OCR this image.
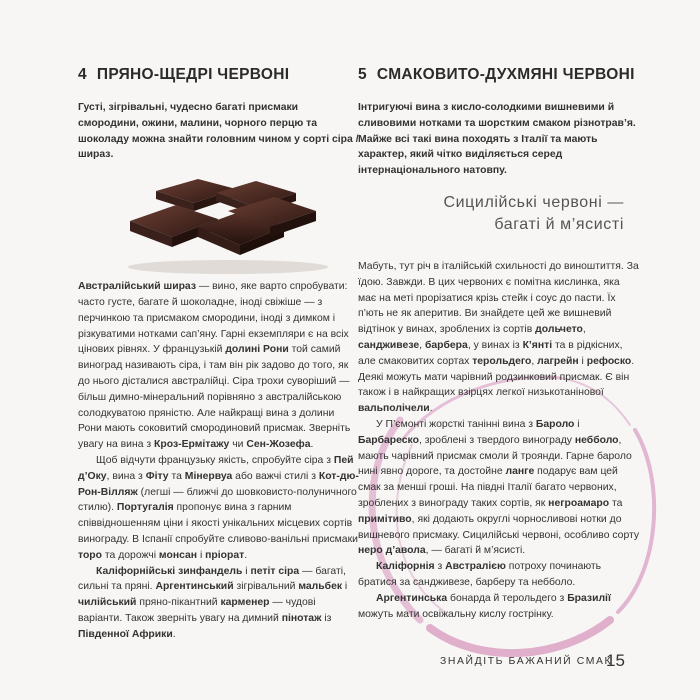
4 ПРЯНО-ЩЕДРІ ЧЕРВОНІ
Густі, зігрівальні, чудесно багаті присмаки смородини, ожини, малини, чорного перцю та шоколаду можна знайти головним чином у сорті сіра / шираз.

Австралійський шираз — вино, яке варто спробувати: часто густе, багате й шоколадне, іноді свіжіше — з перчинкою та присмаком смородини, іноді з димком і різкуватими нотками сап’яну. Гарні екземпляри є на всіх цінових рівнях. У французькій долині Рони той самий виноград називають сіра, і там він рік задово до того, як до нього дісталися австралійці. Сіра трохи суворіший — більш димно-мінеральний порівняно з австралійською солодкуватою пряністю. Але найкращі вина з долини Рони мають соковитий смородиновий присмак. Зверніть увагу на вина з Кроз-Ермітажу чи Сен-Жозефа.

Щоб відчути французьку якість, спробуйте сіра з Пей д’Оку, вина з Фіту та Мінервуа або важчі стилі з Кот-дю-Рон-Вілляж (легші — ближчі до шовковисто-полуничного стилю). Португалія пропонує вина з гарним співвідношенням ціни і якості унікальних місцевих сортів винограду. В Іспанії спробуйте сливово-ванільні присмаки торо та дорожчі монсан і пріорат.

Каліфорнійські зинфандель і петіт сіра — багаті, сильні та пряні. Аргентинський зігрівальний мальбек і чилійський пряно-пікантний карменер — чудові варіанти. Також зверніть увагу на димний пінотаж із Південної Африки.

5 СМАКОВИТО-ДУХМЯНІ ЧЕРВОНІ
Інтригуючі вина з кисло-солодкими вишневими й сливовими нотками та шорстким смаком різнотрав’я. Майже всі такі вина походять з Італії та мають характер, який чітко виділяється серед інтернаціонального натовпу.

Мабуть, тут річ в італійській схильності до виноштиття. За їдою. Завжди. В цих червоних є помітна кислинка, яка має на меті прорізатися крізь стейк і соус до пасти. Їх п’ють не як аперитив. Ви знайдете цей же вишневий відтінок у винах, зроблених із сортів дольчето, сандживезе, барбера, у винах із К’янті та в рідкісних, але смаковитих сортах терольдего, лагрейн і рефоско. Деякі можуть мати чарівний родзинковий присмак. Є він також і в найкращих взірцях легкої низькотанінової вальполічели.

У П’ємонті жорсткі танінні вина з Бароло і Барбареско, зроблені з твердого винограду небболо, мають чарівний присмак смоли й троянди. Гарне бароло нині явно дороге, та достойне ланге подарує вам цей смак за менші гроші. На півдні Італії багато червоних, зроблених з винограду таких сортів, як негроамаро та примітиво, які додають округлі чорносливові нотки до вишневого присмаку. Сицилійські червоні, особливо сорту неро д’авола, — багаті й м’ясисті.

Каліфорнія з Австралією потроху починають братися за сандживезе, барберу та небболо.

Аргентинська бонарда й терольдего з Бразилії можуть мати освіжальну кислу гострінку.

Сицилійські червоні —
багаті й м’ясисті
ЗНАЙДІТЬ БАЖАНИЙ СМАК
15
